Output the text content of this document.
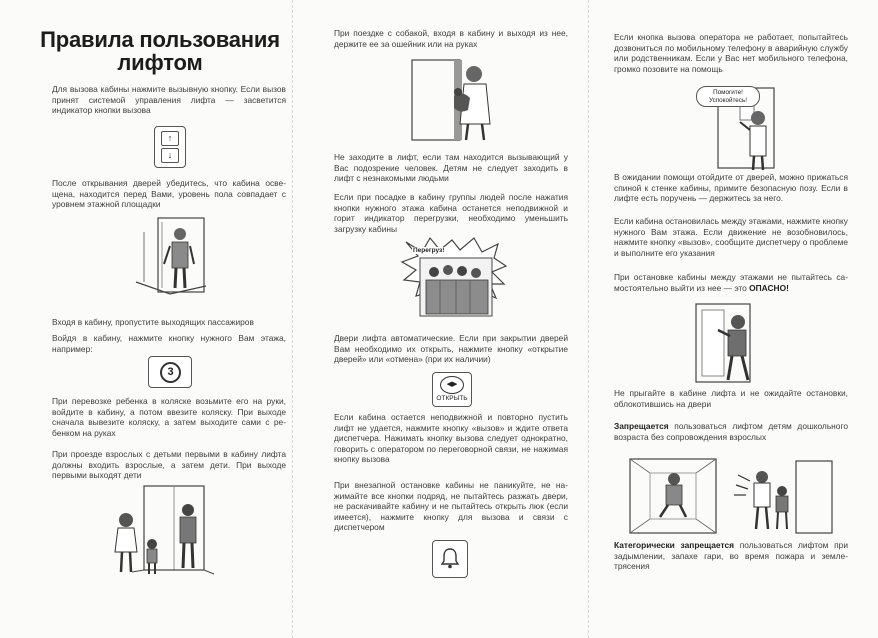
Правила пользования лифтом

Для вызова кабины нажмите вызывную кнопку. Если вызов принят системой управления лифта — засветится индикатор кнопки вызова

↑
↓

После открывания дверей убедитесь, что кабина освещена, находится перед Вами, уровень пола совпадает с уровнем этажной площадки

Входя в кабину, пропустите выходящих пассажиров

Войдя в кабину, нажмите кнопку нужного Вам этажа, например:

3

При перевозке ребенка в коляске возьмите его на руки, войдите в кабину, а потом ввезите коляску. При выходе сначала вывезите коляску, а затем выходите сами с ребенком на руках

При проезде взрослых с детьми первыми в кабину лифта должны входить взрослые, а затем дети. При выходе первыми выходят дети

При поездке с собакой, входя в кабину и выходя из нее, держите ее за ошейник или на руках

Не заходите в лифт, если там находится вызывающий у Вас подозрение человек. Детям не следует заходить в лифт с незнакомыми людьми

Если при посадке в кабину группы людей после нажатия кнопки нужного этажа кабина останется неподвижной и горит индикатор перегрузки, необходимо уменьшить загрузку кабины

Перегруз!

Двери лифта автоматические. Если при закрытии дверей Вам необходимо их открыть, нажмите кнопку «открытие дверей» или «отмена» (при их наличии)

◀▶
ОТКРЫТЬ

Если кабина остается неподвижной и повторно пустить лифт не удается, нажмите кнопку «вызов» и ждите ответа диспетчера. Нажимать кнопку вызова следует однократно, говорить с оператором по переговорной связи, не нажимая кнопку вызова

При внезапной остановке кабины не паникуйте, не нажимайте все кнопки подряд, не пытайтесь разжать двери, не раскачивайте кабину и не пытайтесь открыть люк (если имеется), нажмите кнопку для вызова и связи с диспетчером

Если кнопка вызова оператора не работает, попытайтесь дозвониться по мобильному телефону в аварийную службу или родственникам. Если у Вас нет мобильного телефона, громко позовите на помощь

Помогите! Успокойтесь!

В ожидании помощи отойдите от дверей, можно прижаться спиной к стенке кабины, примите безопасную позу. Если в лифте есть поручень — держитесь за него.

Если кабина остановилась между этажами, нажмите кнопку нужного Вам этажа. Если движение не возобновилось, нажмите кнопку «вызов», сообщите диспетчеру о проблеме и выполните его указания

При остановке кабины между этажами не пытайтесь самостоятельно выйти из нее — это ОПАСНО!

Не прыгайте в кабине лифта и не ожидайте остановки, облокотившись на двери

Запрещается пользоваться лифтом детям дошкольного возраста без сопровождения взрослых

Категорически запрещается пользоваться лифтом при задымлении, запахе гари, во время пожара и землетрясения
